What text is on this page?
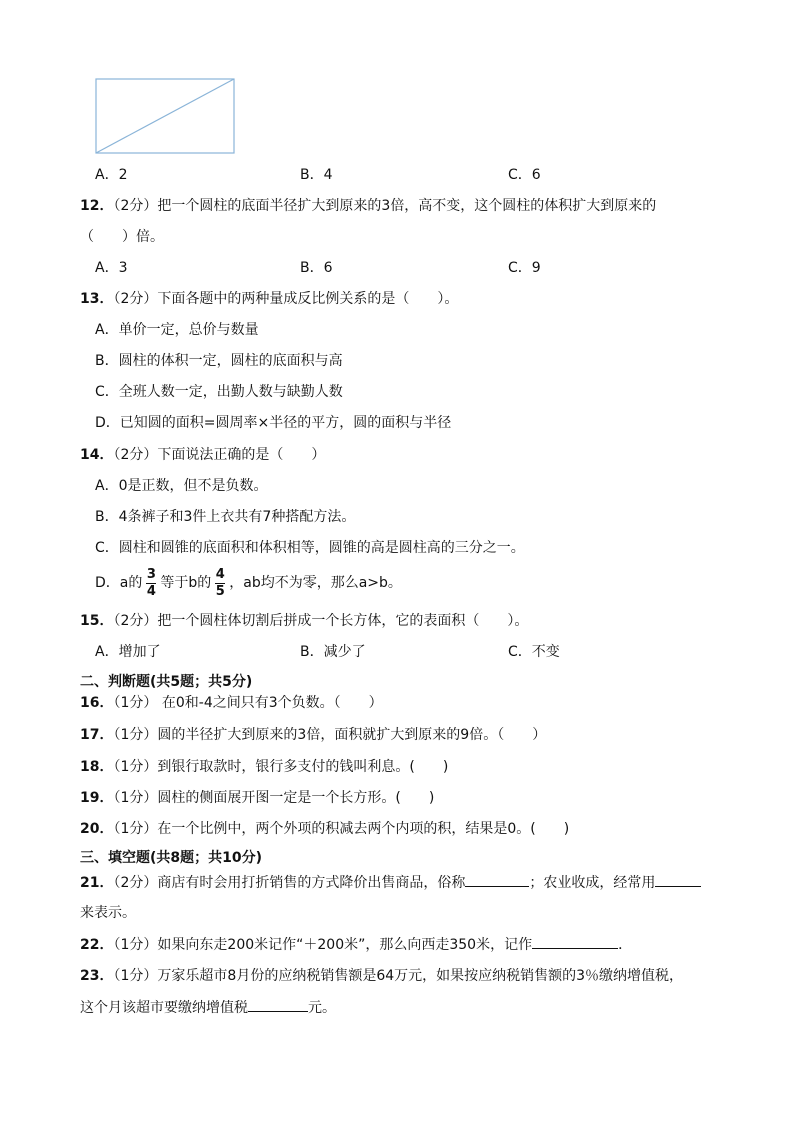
A．2	B．4	C．6
12．（2分）把一个圆柱的底面半径扩大到原来的3倍，高不变，这个圆柱的体积扩大到原来的
（　　）倍。
A．3	B．6	C．9
13．（2分）下面各题中的两种量成反比例关系的是（　　）。
A．单价一定，总价与数量
B．圆柱的体积一定，圆柱的底面积与高
C．全班人数一定，出勤人数与缺勤人数
D．已知圆的面积=圆周率×半径的平方，圆的面积与半径
14．（2分）下面说法正确的是（　　）
A．0是正数，但不是负数。
B．4条裤子和3件上衣共有7种搭配方法。
C．圆柱和圆锥的底面积和体积相等，圆锥的高是圆柱高的三分之一。
D．a的 $\frac{3}{4}$ 等于b的 $\frac{4}{5}$ ，ab均不为零，那么a>b。
15．（2分）把一个圆柱体切割后拼成一个长方体，它的表面积（　　）。
A．增加了	B．减少了	C．不变
二、判断题(共5题；共5分)
16．（1分） 在0和-4之间只有3个负数。（　　）
17．（1分）圆的半径扩大到原来的3倍，面积就扩大到原来的9倍。（　　）
18．（1分）到银行取款时，银行多支付的钱叫利息。(　　)
19．（1分）圆柱的侧面展开图一定是一个长方形。(　　)
20．（1分）在一个比例中，两个外项的积减去两个内项的积，结果是0。(　　)
三、填空题(共8题；共10分)
21．（2分）商店有时会用打折销售的方式降价出售商品，俗称	；农业收成，经常用
来表示。
22．（1分）如果向东走200米记作“＋200米”，那么向西走350米，记作	．
23．（1分）万家乐超市8月份的应纳税销售额是64万元，如果按应纳税销售额的3％缴纳增值税，
这个月该超市要缴纳增值税	元。
